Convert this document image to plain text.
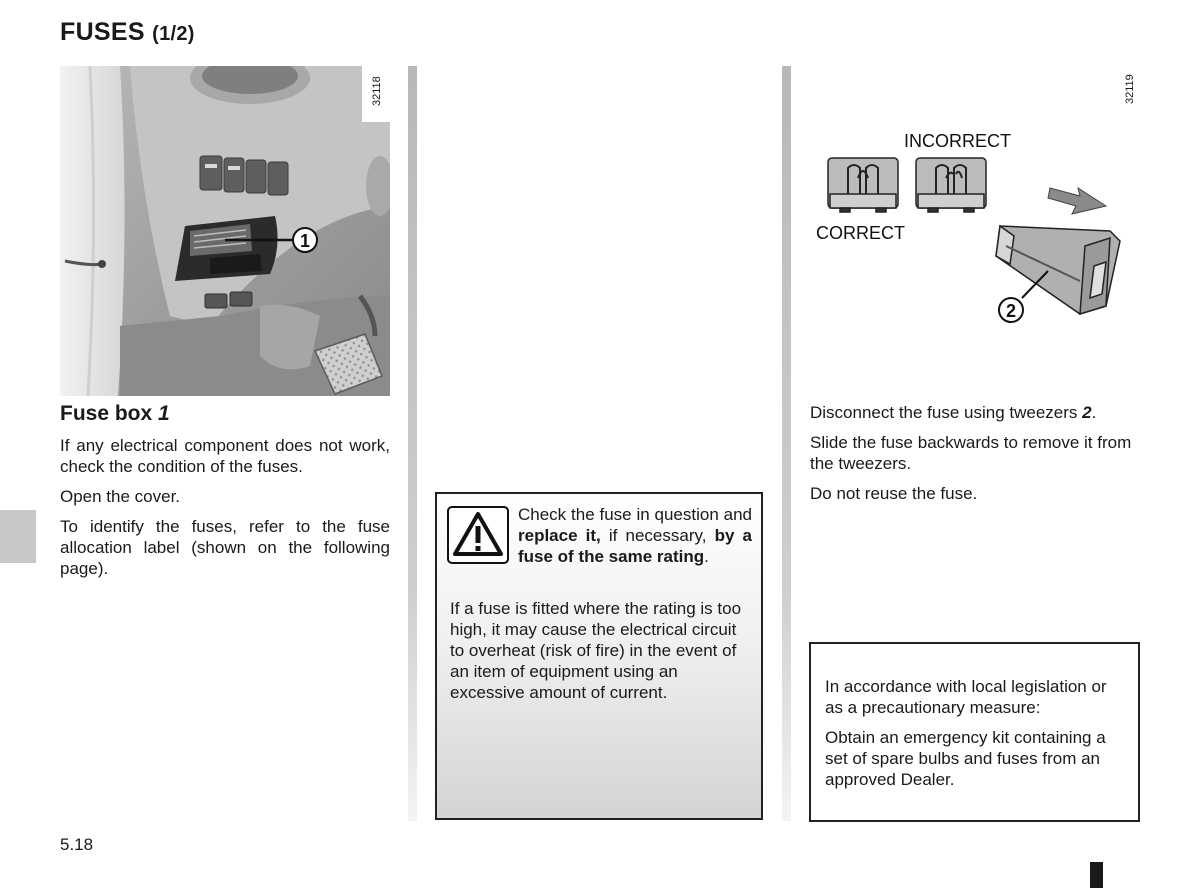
FUSES (1/2)
1
32118
Fuse box 1

If any electrical component does not work, check the condition of the fuses.

Open the cover.

To identify the fuses, refer to the fuse allocation label (shown on the following page).

Check the fuse in question and replace it, if necessary, by a fuse of the same rating.
If a fuse is fitted where the rating is too high, it may cause the electrical circuit to overheat (risk of fire) in the event of an item of equipment using an excessive amount of current.
2
INCORRECT
CORRECT
32119

Disconnect the fuse using tweezers 2.

Slide the fuse backwards to remove it from the tweezers.

Do not reuse the fuse.

In accordance with local legislation or as a precautionary measure:

Obtain an emergency kit containing a set of spare bulbs and fuses from an approved Dealer.

5.18
